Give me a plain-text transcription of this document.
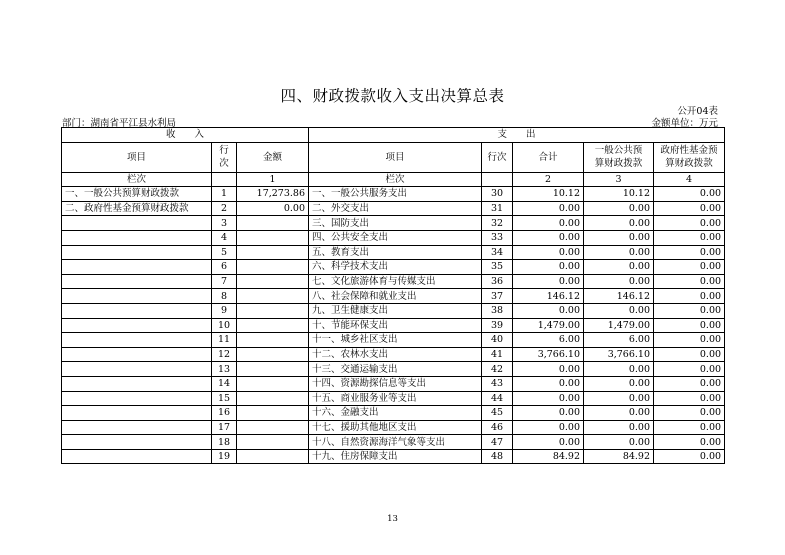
四、财政拨款收入支出决算总表
公开04表
部门：湖南省平江县水利局	金额单位：万元
收　　入			支　　出				
项目	行次	金额	项目	行次	合计	一般公共预算财政拨款	政府性基金预算财政拨款
栏次		1	栏次		2	3	4
一、一般公共预算财政拨款	1	17,273.86	一、一般公共服务支出	30	10.12	10.12	0.00
二、政府性基金预算财政拨款	2	0.00	二、外交支出	31	0.00	0.00	0.00
	3		三、国防支出	32	0.00	0.00	0.00
	4		四、公共安全支出	33	0.00	0.00	0.00
	5		五、教育支出	34	0.00	0.00	0.00
	6		六、科学技术支出	35	0.00	0.00	0.00
	7		七、文化旅游体育与传媒支出	36	0.00	0.00	0.00
	8		八、社会保障和就业支出	37	146.12	146.12	0.00
	9		九、卫生健康支出	38	0.00	0.00	0.00
	10		十、节能环保支出	39	1,479.00	1,479.00	0.00
	11		十一、城乡社区支出	40	6.00	6.00	0.00
	12		十二、农林水支出	41	3,766.10	3,766.10	0.00
	13		十三、交通运输支出	42	0.00	0.00	0.00
	14		十四、资源勘探信息等支出	43	0.00	0.00	0.00
	15		十五、商业服务业等支出	44	0.00	0.00	0.00
	16		十六、金融支出	45	0.00	0.00	0.00
	17		十七、援助其他地区支出	46	0.00	0.00	0.00
	18		十八、自然资源海洋气象等支出	47	0.00	0.00	0.00
	19		十九、住房保障支出	48	84.92	84.92	0.00
13
